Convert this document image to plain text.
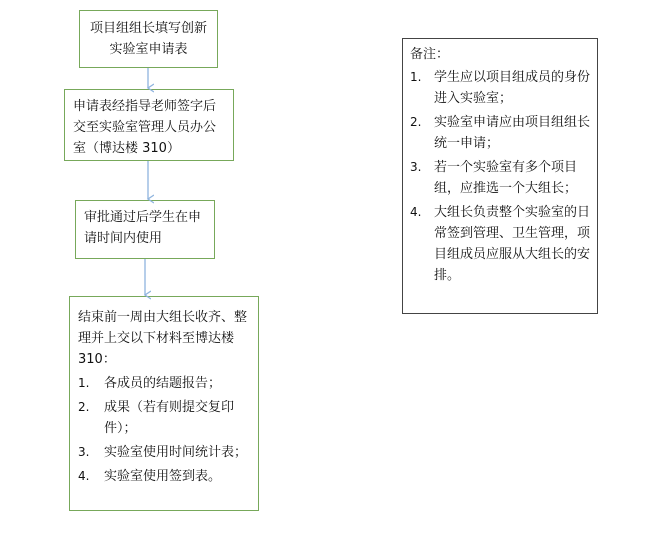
项目组组长填写创新实验室申请表
申请表经指导老师签字后交至实验室管理人员办公室（博达楼 310）
审批通过后学生在申请时间内使用
结束前一周由大组长收齐、整理并上交以下材料至博达楼 310：
1. 各成员的结题报告；
2. 成果（若有则提交复印件）；
3. 实验室使用时间统计表；
4. 实验室使用签到表。
备注：
1. 学生应以项目组成员的身份进入实验室；
2. 实验室申请应由项目组组长统一申请；
3. 若一个实验室有多个项目组，应推选一个大组长；
4. 大组长负责整个实验室的日常签到管理、卫生管理，项目组成员应服从大组长的安排。
